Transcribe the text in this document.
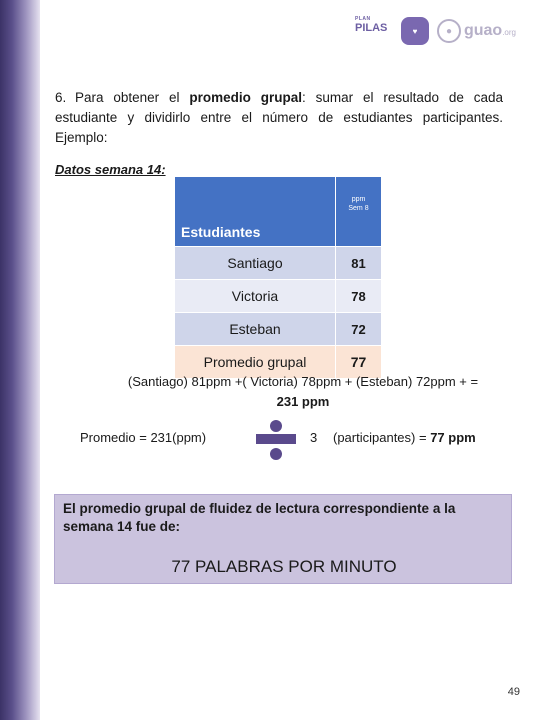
PLAN
PILAS	♥	● guao.org
6. Para obtener el promedio grupal: sumar el resultado de cada estudiante y dividirlo entre el número de estudiantes participantes. Ejemplo:
Datos semana 14:
Estudiantes	ppm
Sem 8
Santiago	81
Victoria	78
Esteban	72
Promedio grupal	77
(Santiago) 81ppm +( Victoria) 78ppm + (Esteban) 72ppm + =
231 ppm
Promedio = 231(ppm)	3 (participantes) = 77 ppm
El promedio grupal de fluidez de lectura correspondiente a la semana 14 fue de:
77 PALABRAS POR MINUTO
49
